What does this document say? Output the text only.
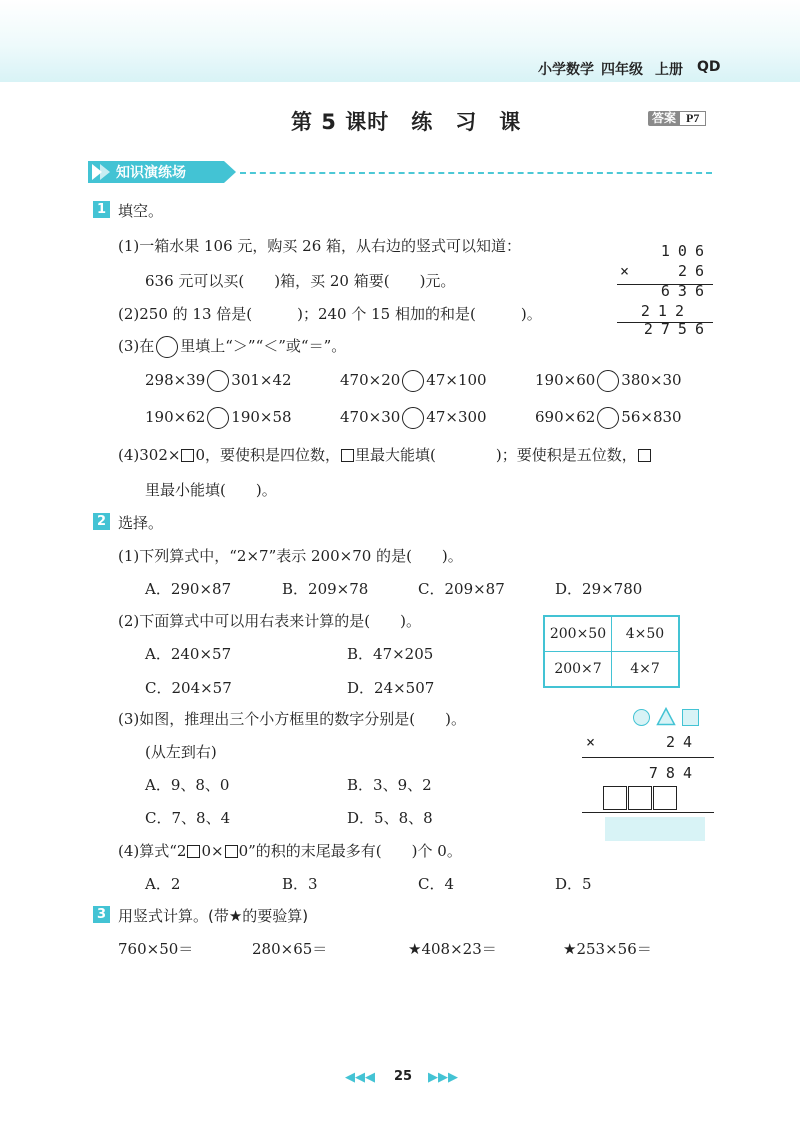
小学数学 四年级 上册 QD
第 5 课时　练　习　课	答案 P7
知识演练场
1 填空。
(1)一箱水果 106 元，购买 26 箱，从右边的竖式可以知道：
636 元可以买(　　)箱，买 20 箱要(　　)元。
(2)250 的 13 倍是(　　　)；240 个 15 相加的和是(　　　)。
106
×	26
636
212
2756
(3)在 里填上“＞”“＜”或“＝”。
298×39 301×42	470×20 47×100	190×60 380×30
190×62 190×58	470×30 47×300	690×62 56×830
(4)302× 0，要使积是四位数， 里最大能填(　　　　)；要使积是五位数，
里最小能填(　　)。
2 选择。
(1)下列算式中，“2×7”表示 200×70 的是(　　)。
A．290×87	B．209×78	C．209×87	D．29×780
(2)下面算式中可以用右表来计算的是(　　)。
A．240×57	B．47×205
C．204×57	D．24×507
200×50	4×50
200×7	4×7
(3)如图，推理出三个小方框里的数字分别是(　　)。
(从左到右)
A．9、8、0	B．3、9、2
C．7、8、4	D．5、8、8
×	24
784
(4)算式“2 0× 0”的积的末尾最多有(　　)个 0。
A．2	B．3	C．4	D．5
3 用竖式计算。(带★的要验算)
760×50＝	280×65＝	★408×23＝	★253×56＝
◀◀◀ 25 ▶▶▶
